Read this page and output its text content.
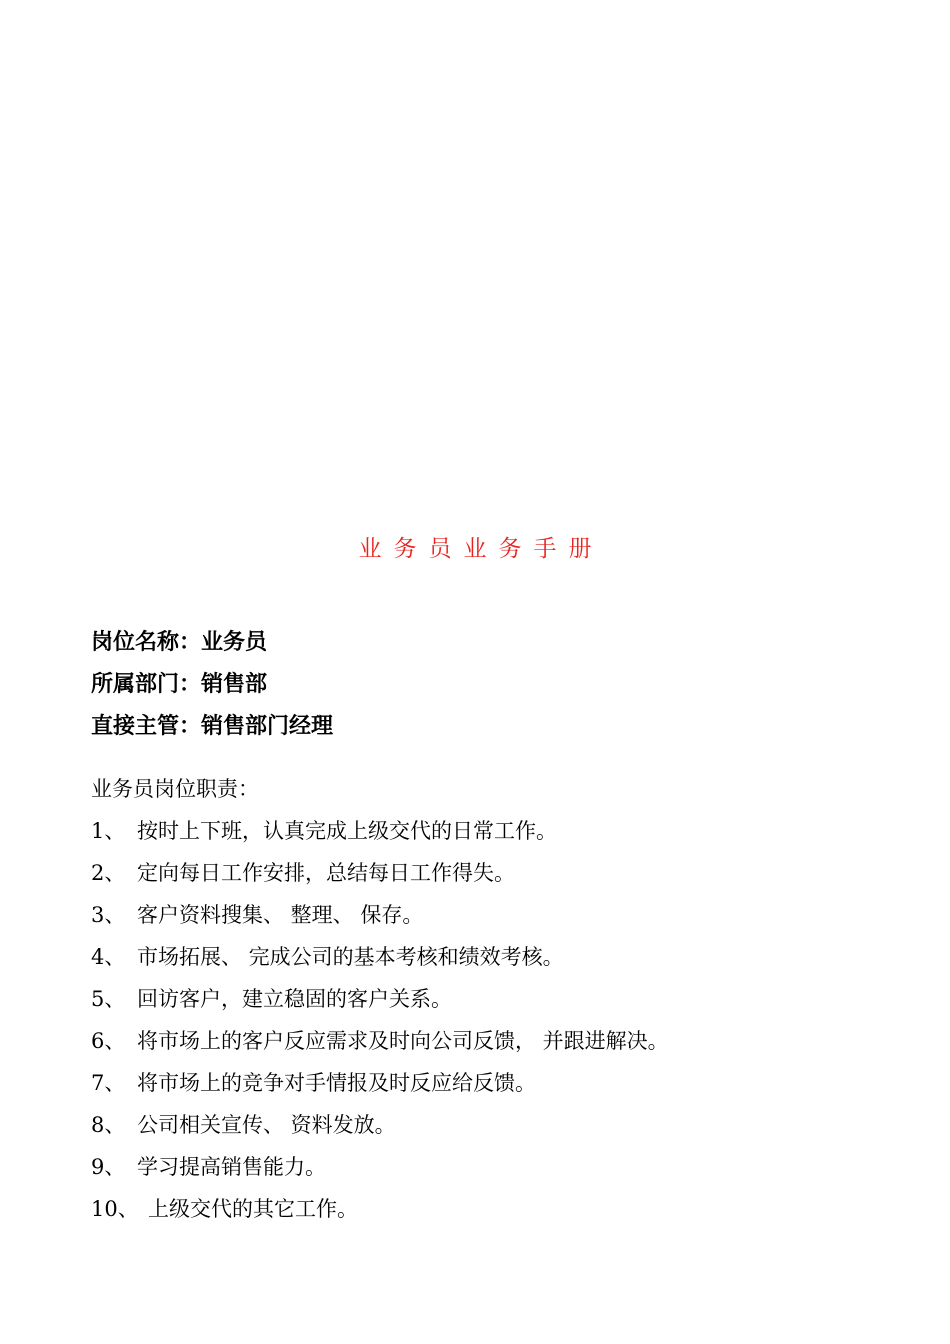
业务员业务手册
岗位名称：业务员
所属部门：销售部
直接主管：销售部门经理
业务员岗位职责：
1、 按时上下班，认真完成上级交代的日常工作。
2、 定向每日工作安排，总结每日工作得失。
3、 客户资料搜集、 整理、 保存。
4、 市场拓展、 完成公司的基本考核和绩效考核。
5、 回访客户，建立稳固的客户关系。
6、 将市场上的客户反应需求及时向公司反馈， 并跟进解决。
7、 将市场上的竞争对手情报及时反应给反馈。
8、 公司相关宣传、 资料发放。
9、 学习提高销售能力。
10、 上级交代的其它工作。
